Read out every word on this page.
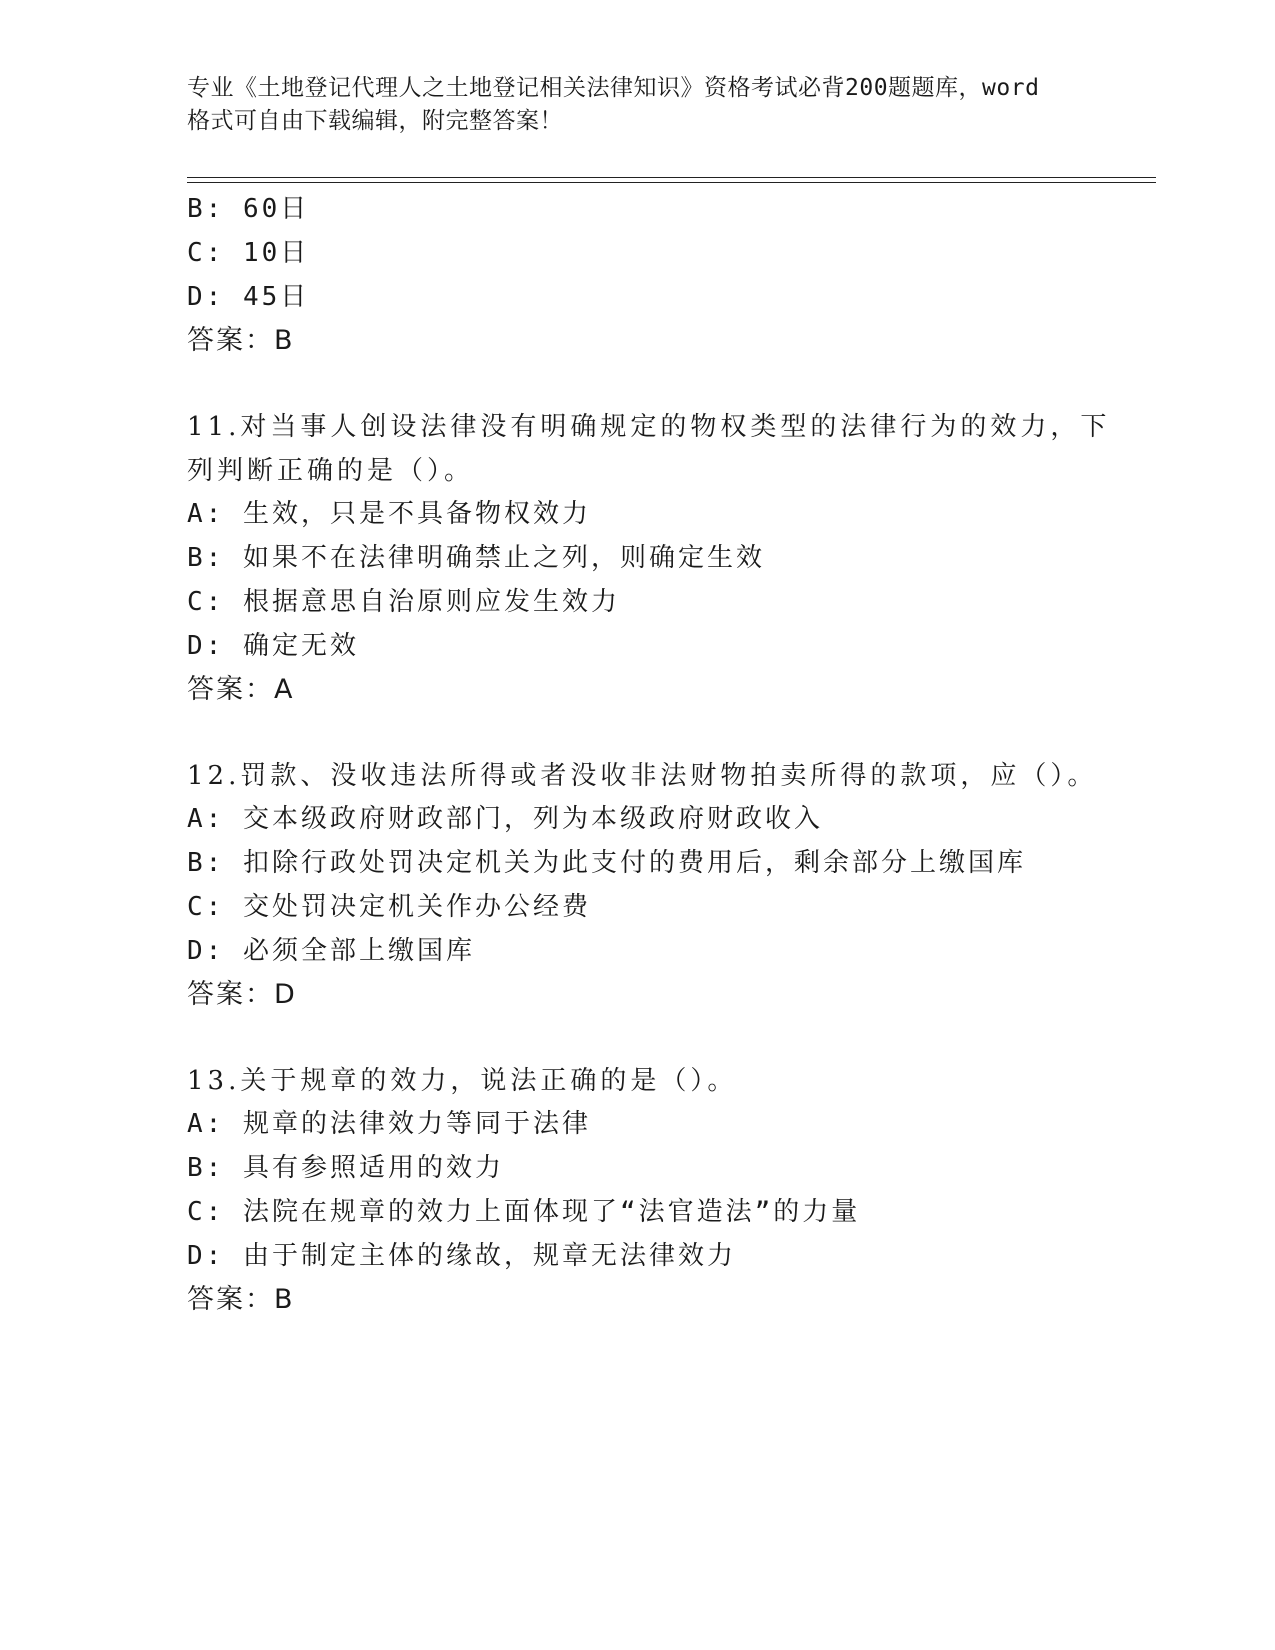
专业《土地登记代理人之土地登记相关法律知识》资格考试必背200题题库，word
格式可自由下载编辑，附完整答案！
B: 60日
C: 10日
D: 45日
答案：B
11.对当事人创设法律没有明确规定的物权类型的法律行为的效力，下
列判断正确的是（）。
A: 生效，只是不具备物权效力
B: 如果不在法律明确禁止之列，则确定生效
C: 根据意思自治原则应发生效力
D: 确定无效
答案：A
12.罚款、没收违法所得或者没收非法财物拍卖所得的款项，应（）。
A: 交本级政府财政部门，列为本级政府财政收入
B: 扣除行政处罚决定机关为此支付的费用后，剩余部分上缴国库
C: 交处罚决定机关作办公经费
D: 必须全部上缴国库
答案：D
13.关于规章的效力，说法正确的是（）。
A: 规章的法律效力等同于法律
B: 具有参照适用的效力
C: 法院在规章的效力上面体现了“法官造法”的力量
D: 由于制定主体的缘故，规章无法律效力
答案：B
